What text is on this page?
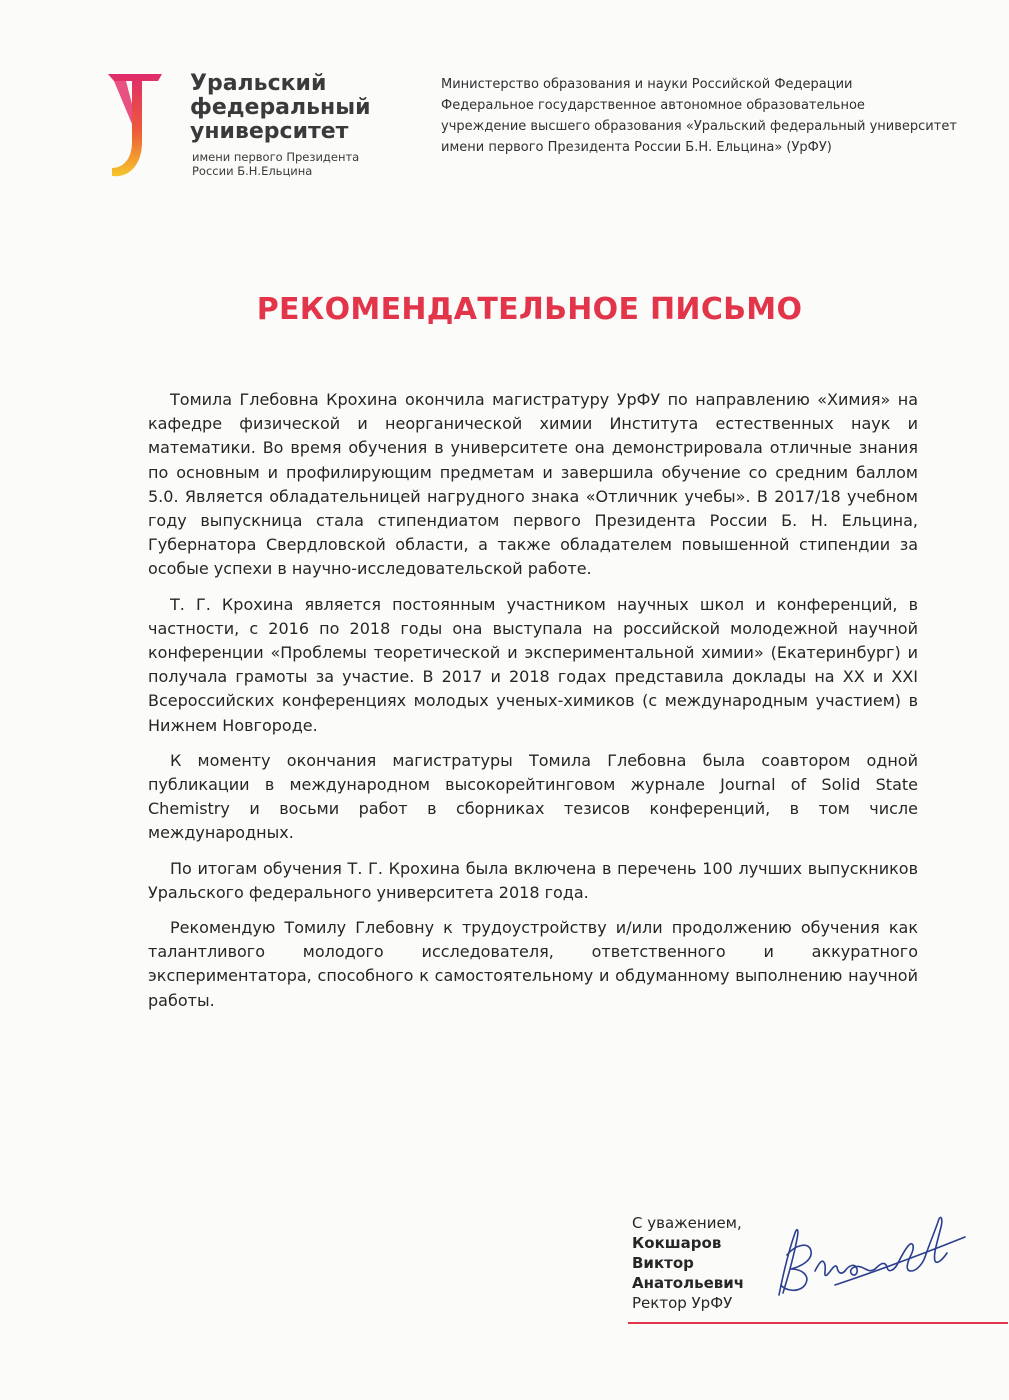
Уральский
федеральный
университет
имени первого Президента
России Б.Н.Ельцина
Министерство образования и науки Российской Федерации
Федеральное государственное автономное образовательное
учреждение высшего образования «Уральский федеральный университет
имени первого Президента России Б.Н. Ельцина» (УрФУ)
РЕКОМЕНДАТЕЛЬНОЕ ПИСЬМО

Томила Глебовна Крохина окончила магистратуру УрФУ по направлению «Химия» на кафедре физической и неорганической химии Института естественных наук и математики. Во время обучения в университете она демонстрировала отличные знания по основным и профилирующим предметам и завершила обучение со средним баллом 5.0. Является обладательницей нагрудного знака «Отличник учебы». В 2017/18 учебном году выпускница стала стипендиатом первого Президента России Б. Н. Ельцина, Губернатора Свердловской области, а также обладателем повышенной стипендии за особые успехи в научно-исследовательской работе.

Т. Г. Крохина является постоянным участником научных школ и конференций, в частности, с 2016 по 2018 годы она выступала на российской молодежной научной конференции «Проблемы теоретической и экспериментальной химии» (Екатеринбург) и получала грамоты за участие. В 2017 и 2018 годах представила доклады на XX и XXI Всероссийских конференциях молодых ученых-химиков (с международным участием) в Нижнем Новгороде.

К моменту окончания магистратуры Томила Глебовна была соавтором одной публикации в международном высокорейтинговом журнале Journal of Solid State Chemistry и восьми работ в сборниках тезисов конференций, в том числе международных.

По итогам обучения Т. Г. Крохина была включена в перечень 100 лучших выпускников Уральского федерального университета 2018 года.

Рекомендую Томилу Глебовну к трудоустройству и/или продолжению обучения как талантливого молодого исследователя, ответственного и аккуратного экспериментатора, способного к самостоятельному и обдуманному выполнению научной работы.

С уважением,
Кокшаров
Виктор
Анатольевич
Ректор УрФУ
